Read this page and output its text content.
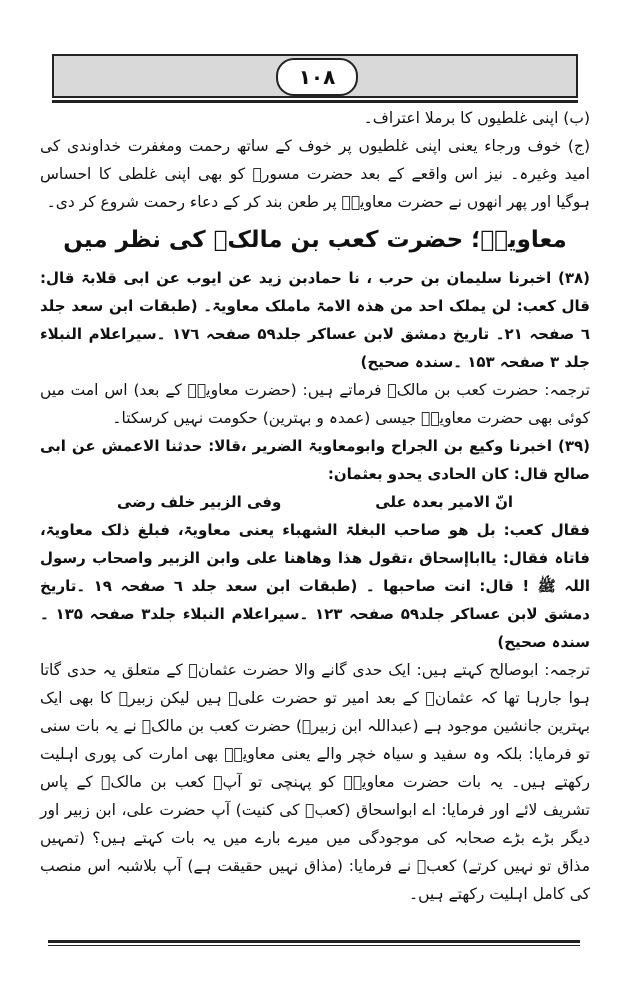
۱۰۸

(ب) اپنی غلطیوں کا برملا اعتراف۔

(ج) خوف ورجاء یعنی اپنی غلطیوں پر خوف کے ساتھ رحمت ومغفرت خداوندی کی امید وغیرہ۔ نیز اس واقعے کے بعد حضرت مسورؓ کو بھی اپنی غلطی کا احساس ہوگیا اور پھر انھوں نے حضرت معاویہؓ پر طعن بند کر کے دعاء رحمت شروع کر دی۔

معاویہؓ؛ حضرت کعب بن مالکؓ کی نظر میں

(۳۸) اخبرنا سلیمان بن حرب ، نا حمادبن زید عن ایوب عن ابی قلابۃ قال: قال کعب: لن یملک احد من ھذہ الامۃ ماملک معاویۃ۔ (طبقات ابن سعد جلد ٦ صفحہ ۲۱۔ تاریخ دمشق لابن عساکر جلد۵۹ صفحہ ۱۷٦ ۔سیراعلام النبلاء جلد ۳ صفحہ ۱۵۳ ۔سندہ صحیح)

ترجمہ: حضرت کعب بن مالکؓ فرماتے ہیں: (حضرت معاویہؓ کے بعد) اس امت میں کوئی بھی حضرت معاویہؓ جیسی (عمدہ و بہترین) حکومت نہیں کرسکتا۔

(۳۹) اخبرنا وکیع بن الجراح وابومعاویۃ الضریر ،قالا: حدثنا الاعمش عن ابی صالح قال: کان الحادی یحدو بعثمان:

انّ الامیر بعدہ علی
وفی الزبیر خلف رضی

فقال کعب: بل ھو صاحب البغلۃ الشھباء یعنی معاویۃ، فبلغ ذلک معاویۃ، فاتاہ فقال: یااباإسحاق ،تقول ھذا وھاھنا علی وابن الزبیر واصحاب رسول اللہ ﷺ ! قال: انت صاحبھا ۔ (طبقات ابن سعد جلد ٦ صفحہ ۱۹ ۔تاریخ دمشق لابن عساکر جلد۵۹ صفحہ ۱۲۳ ۔سیراعلام النبلاء جلد۳ صفحہ ۱۳۵ ۔سندہ صحیح)

ترجمہ: ابوصالح کہتے ہیں: ایک حدی گانے والا حضرت عثمانؓ کے متعلق یہ حدی گاتا ہوا جارہا تھا کہ عثمانؓ کے بعد امیر تو حضرت علیؓ ہیں لیکن زبیرؓ کا بھی ایک بہترین جانشین موجود ہے (عبداللہ ابن زبیرؓ) حضرت کعب بن مالکؓ نے یہ بات سنی تو فرمایا: بلکہ وہ سفید و سیاہ خچر والے یعنی معاویہؓ بھی امارت کی پوری اہلیت رکھتے ہیں۔ یہ بات حضرت معاویہؓ کو پہنچی تو آپؓ کعب بن مالکؓ کے پاس تشریف لائے اور فرمایا: اے ابواسحاق (کعبؓ کی کنیت) آپ حضرت علی، ابن زبیر اور دیگر بڑے بڑے صحابہ کی موجودگی میں میرے بارے میں یہ بات کہتے ہیں؟ (تمہیں مذاق تو نہیں کرتے) کعبؓ نے فرمایا: (مذاق نہیں حقیقت ہے) آپ بلاشبہ اس منصب کی کامل اہلیت رکھتے ہیں۔
